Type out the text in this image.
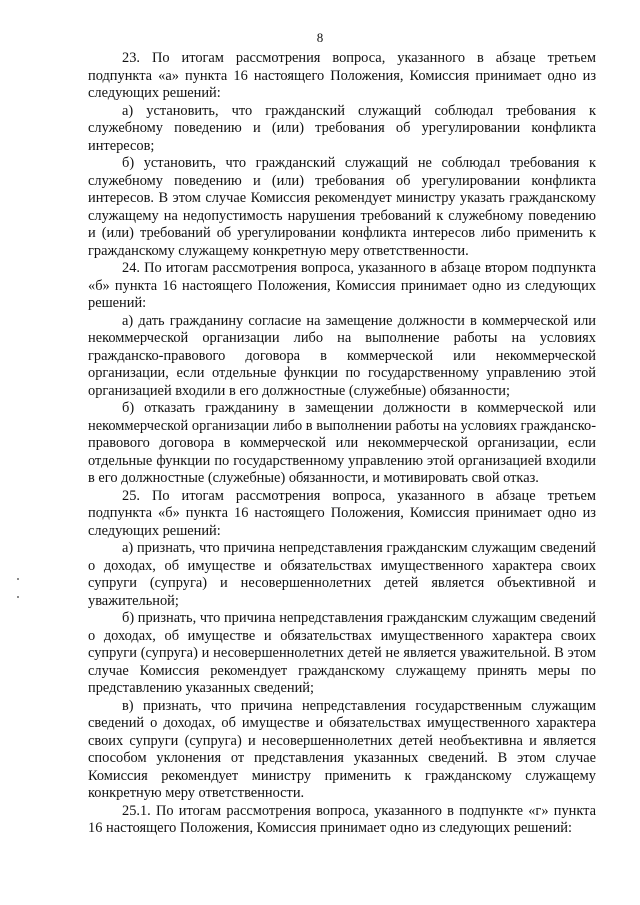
8

23. По итогам рассмотрения вопроса, указанного в абзаце третьем подпункта «а» пункта 16 настоящего Положения, Комиссия принимает одно из следующих решений:

а) установить, что гражданский служащий соблюдал требования к служебному поведению и (или) требования об урегулировании конфликта интересов;

б) установить, что гражданский служащий не соблюдал требования к служебному поведению и (или) требования об урегулировании конфликта интересов. В этом случае Комиссия рекомендует министру указать гражданскому служащему на недопустимость нарушения требований к служебному поведению и (или) требований об урегулировании конфликта интересов либо применить к гражданскому служащему конкретную меру ответственности.

24. По итогам рассмотрения вопроса, указанного в абзаце втором подпункта «б» пункта 16 настоящего Положения, Комиссия принимает одно из следующих решений:

а) дать гражданину согласие на замещение должности в коммерческой или некоммерческой организации либо на выполнение работы на условиях гражданско-правового договора в коммерческой или некоммерческой организации, если отдельные функции по государственному управлению этой организацией входили в его должностные (служебные) обязанности;

б) отказать гражданину в замещении должности в коммерческой или некоммерческой организации либо в выполнении работы на условиях гражданско-правового договора в коммерческой или некоммерческой организации, если отдельные функции по государственному управлению этой организацией входили в его должностные (служебные) обязанности, и мотивировать свой отказ.

25. По итогам рассмотрения вопроса, указанного в абзаце третьем подпункта «б» пункта 16 настоящего Положения, Комиссия принимает одно из следующих решений:

а) признать, что причина непредставления гражданским служащим сведений о доходах, об имуществе и обязательствах имущественного характера своих супруги (супруга) и несовершеннолетних детей является объективной и уважительной;

б) признать, что причина непредставления гражданским служащим сведений о доходах, об имуществе и обязательствах имущественного характера своих супруги (супруга) и несовершеннолетних детей не является уважительной. В этом случае Комиссия рекомендует гражданскому служащему принять меры по представлению указанных сведений;

в) признать, что причина непредставления государственным служащим сведений о доходах, об имуществе и обязательствах имущественного характера своих супруги (супруга) и несовершеннолетних детей необъективна и является способом уклонения от представления указанных сведений. В этом случае Комиссия рекомендует министру применить к гражданскому служащему конкретную меру ответственности.

25.1. По итогам рассмотрения вопроса, указанного в подпункте «г» пункта 16 настоящего Положения, Комиссия принимает одно из следующих решений:
